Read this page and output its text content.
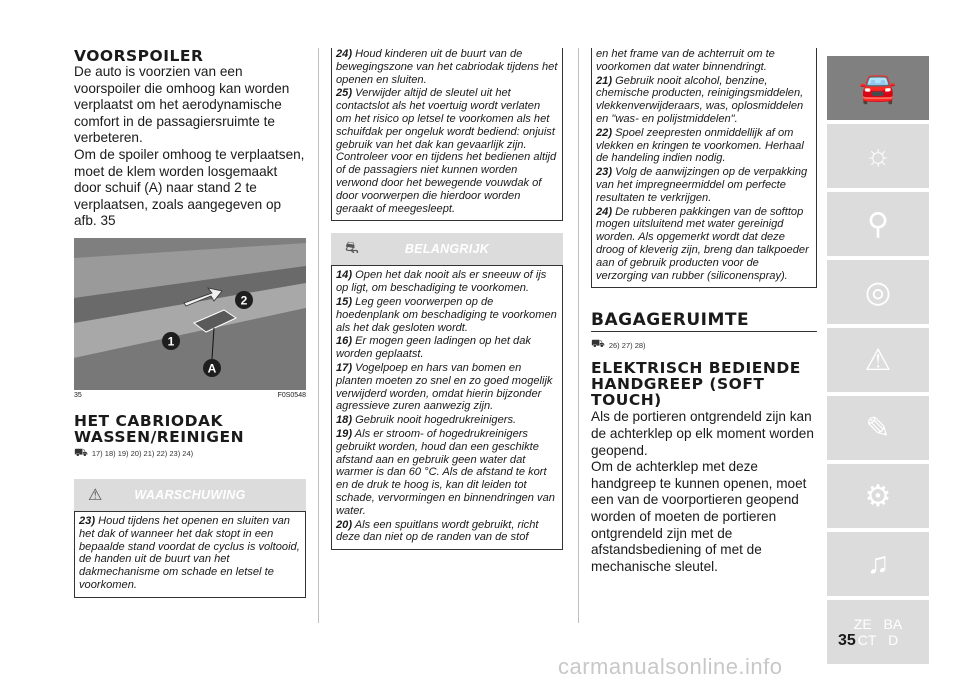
VOORSPOILER

De auto is voorzien van een voorspoiler die omhoog kan worden verplaatst om het aerodynamische comfort in de passagiersruimte te verbeteren.

Om de spoiler omhoog te verplaatsen, moet de klem worden losgemaakt door schuif (A) naar stand 2 te verplaatsen, zoals aangegeven op afb. 35

1
2
A
35	F0S0548
HET CABRIODAK WASSEN/REINIGEN
⛟ 17) 18) 19) 20) 21) 22) 23) 24)
⚠	WAARSCHUWING

23) Houd tijdens het openen en sluiten van het dak of wanneer het dak stopt in een bepaalde stand voordat de cyclus is voltooid, de handen uit de buurt van het dakmechanisme om schade en letsel te voorkomen.

24) Houd kinderen uit de buurt van de bewegingszone van het cabriodak tijdens het openen en sluiten.

25) Verwijder altijd de sleutel uit het contactslot als het voertuig wordt verlaten om het risico op letsel te voorkomen als het schuifdak per ongeluk wordt bediend: onjuist gebruik van het dak kan gevaarlijk zijn. Controleer voor en tijdens het bedienen altijd of de passagiers niet kunnen worden verwond door het bewegende vouwdak of door voorwerpen die hierdoor worden geraakt of meegesleept.

⛐	BELANGRIJK

14) Open het dak nooit als er sneeuw of ijs op ligt, om beschadiging te voorkomen.

15) Leg geen voorwerpen op de hoedenplank om beschadiging te voorkomen als het dak gesloten wordt.

16) Er mogen geen ladingen op het dak worden geplaatst.

17) Vogelpoep en hars van bomen en planten moeten zo snel en zo goed mogelijk verwijderd worden, omdat hierin bijzonder agressieve zuren aanwezig zijn.

18) Gebruik nooit hogedrukreinigers.

19) Als er stroom- of hogedrukreinigers gebruikt worden, houd dan een geschikte afstand aan en gebruik geen water dat warmer is dan 60 °C. Als de afstand te kort en de druk te hoog is, kan dit leiden tot schade, vervormingen en binnendringen van water.

20) Als een spuitlans wordt gebruikt, richt deze dan niet op de randen van de stof

en het frame van de achterruit om te voorkomen dat water binnendringt.

21) Gebruik nooit alcohol, benzine, chemische producten, reinigingsmiddelen, vlekkenverwijderaars, was, oplosmiddelen en "was- en polijstmiddelen".

22) Spoel zeepresten onmiddellijk af om vlekken en kringen te voorkomen. Herhaal de handeling indien nodig.

23) Volg de aanwijzingen op de verpakking van het impregneermiddel om perfecte resultaten te verkrijgen.

24) De rubberen pakkingen van de softtop mogen uitsluitend met water gereinigd worden. Als opgemerkt wordt dat deze droog of kleverig zijn, breng dan talkpoeder aan of gebruik producten voor de verzorging van rubber (siliconenspray).

BAGAGERUIMTE
⛟ 26) 27) 28)
ELEKTRISCH BEDIENDE HANDGREEP (SOFT TOUCH)

Als de portieren ontgrendeld zijn kan de achterklep op elk moment worden geopend.

Om de achterklep met deze handgreep te kunnen openen, moet een van de voorportieren geopend worden of moeten de portieren ontgrendeld zijn met de afstandsbediening of met de mechanische sleutel.

🚘
☼
⚲
◎
⚠
✎
⚙
♫
ZE BA CT D
35
carmanualsonline.info
